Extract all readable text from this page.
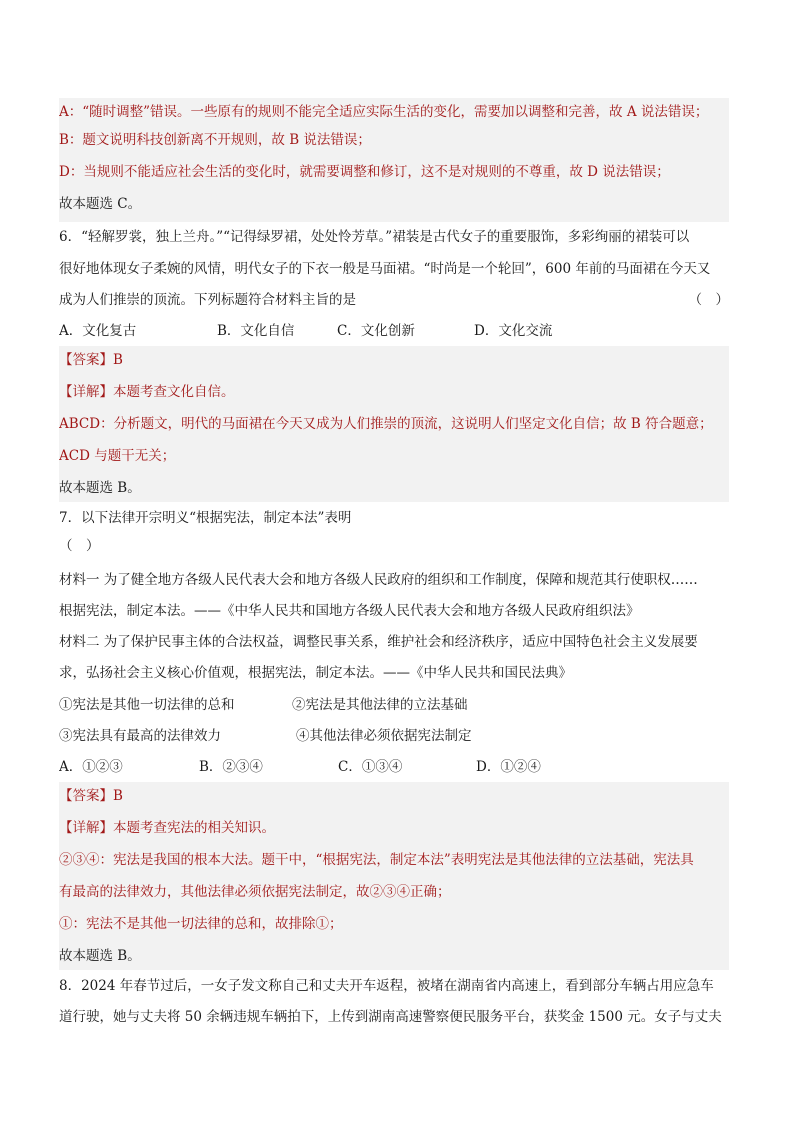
A：“随时调整”错误。一些原有的规则不能完全适应实际生活的变化，需要加以调整和完善，故 A 说法错误；
B：题文说明科技创新离不开规则，故 B 说法错误；
D：当规则不能适应社会生活的变化时，就需要调整和修订，这不是对规则的不尊重，故 D 说法错误；
故本题选 C。
6．“轻解罗裳，独上兰舟。”“记得绿罗裙，处处怜芳草。”裙装是古代女子的重要服饰，多彩绚丽的裙装可以
很好地体现女子柔婉的风情，明代女子的下衣一般是马面裙。“时尚是一个轮回”，600 年前的马面裙在今天又
成为人们推崇的顶流。下列标题符合材料主旨的是	（　）
A．文化复古	B．文化自信	C．文化创新	D．文化交流
【答案】B
【详解】本题考查文化自信。
ABCD：分析题文，明代的马面裙在今天又成为人们推崇的顶流，这说明人们坚定文化自信；故 B 符合题意；
ACD 与题干无关；
故本题选 B。
7．以下法律开宗明义“根据宪法，制定本法”表明
（　）
材料一 为了健全地方各级人民代表大会和地方各级人民政府的组织和工作制度，保障和规范其行使职权……
根据宪法，制定本法。——《中华人民共和国地方各级人民代表大会和地方各级人民政府组织法》
材料二 为了保护民事主体的合法权益，调整民事关系，维护社会和经济秩序，适应中国特色社会主义发展要
求，弘扬社会主义核心价值观，根据宪法，制定本法。——《中华人民共和国民法典》
①宪法是其他一切法律的总和	②宪法是其他法律的立法基础
③宪法具有最高的法律效力	④其他法律必须依据宪法制定
A．①②③	B．②③④	C．①③④	D．①②④
【答案】B
【详解】本题考查宪法的相关知识。
②③④：宪法是我国的根本大法。题干中，“根据宪法，制定本法”表明宪法是其他法律的立法基础，宪法具
有最高的法律效力，其他法律必须依据宪法制定，故②③④正确；
①：宪法不是其他一切法律的总和，故排除①；
故本题选 B。
8．2024 年春节过后，一女子发文称自己和丈夫开车返程，被堵在湖南省内高速上，看到部分车辆占用应急车
道行驶，她与丈夫将 50 余辆违规车辆拍下，上传到湖南高速警察便民服务平台，获奖金 1500 元。女子与丈夫
